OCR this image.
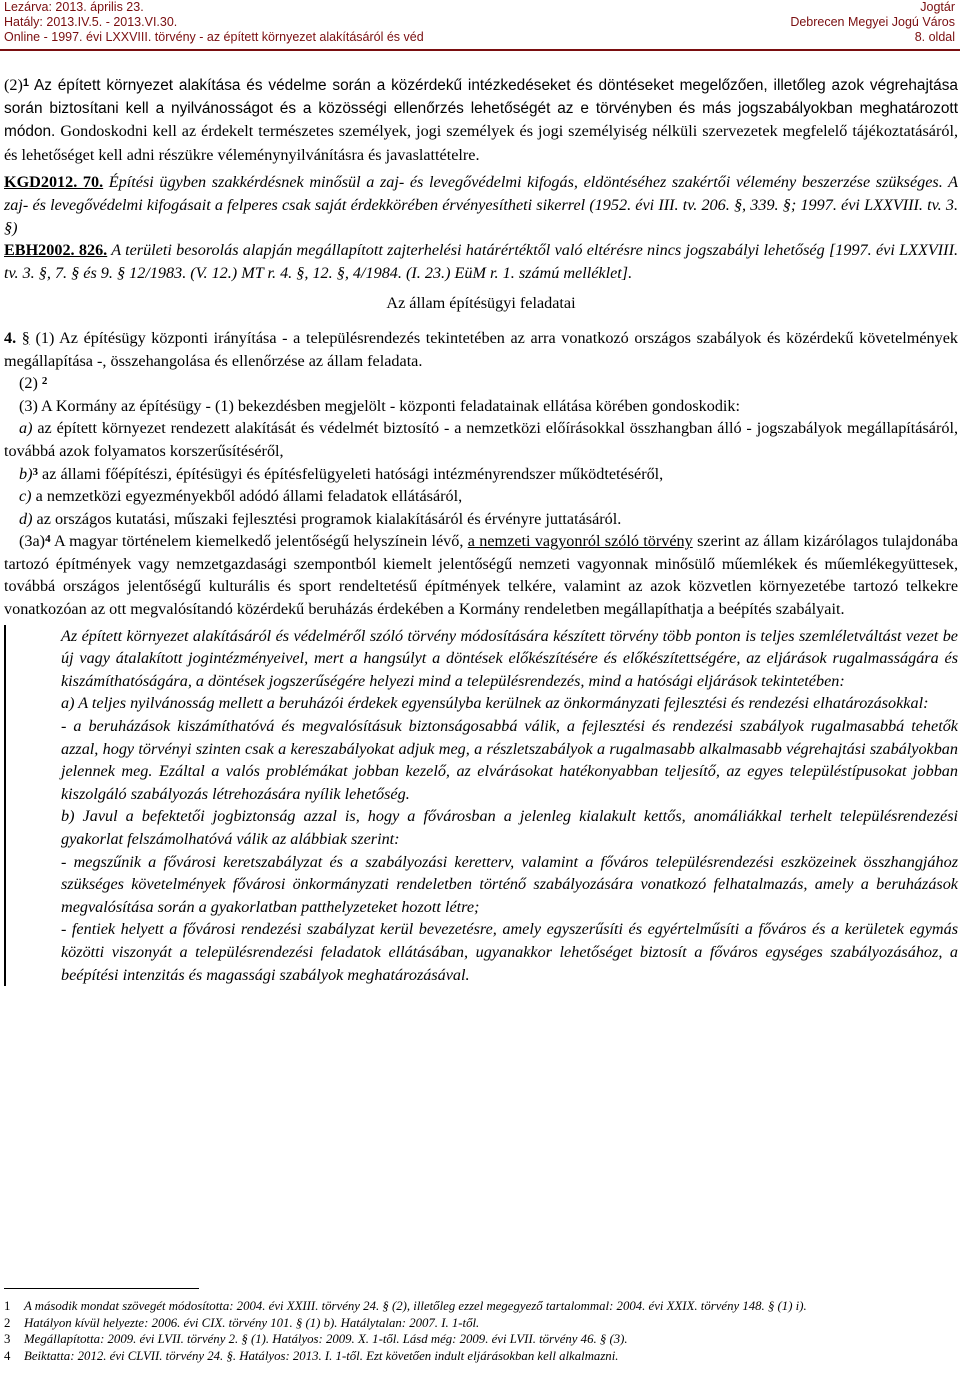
Lezárva: 2013. április 23.
Hatály: 2013.IV.5. - 2013.VI.30.
Online - 1997. évi LXXVIII. törvény - az épített környezet alakításáról és véd
Jogtár
Debrecen Megyei Jogú Város
8. oldal

$(2)^1$ Az épített környezet alakítása és védelme során a közérdekű intézkedéseket és döntéseket megelőzően, illetőleg azok végrehajtása során biztosítani kell a nyilvánosságot és a közösségi ellenőrzés lehetőségét az e törvényben és más jogszabályokban meghatározott módon. Gondoskodni kell az érdekelt természetes személyek, jogi személyek és jogi személyiség nélküli szervezetek megfelelő tájékoztatásáról, és lehetőséget kell adni részükre véleménynyilvánításra és javaslattételre.

KGD2012. 70. Építési ügyben szakkérdésnek minősül a zaj- és levegővédelmi kifogás, eldöntéséhez szakértői vélemény beszerzése szükséges. A zaj- és levegővédelmi kifogásait a felperes csak saját érdekkörében érvényesítheti sikerrel (1952. évi III. tv. 206. §, 339. §; 1997. évi LXXVIII. tv. 3. §)

EBH2002. 826. A területi besorolás alapján megállapított zajterhelési határértéktől való eltérésre nincs jogszabályi lehetőség [1997. évi LXXVIII. tv. 3. §, 7. § és 9. § 12/1983. (V. 12.) MT r. 4. §, 12. §, 4/1984. (I. 23.) EüM r. 1. számú melléklet].

Az állam építésügyi feladatai

4. § (1) Az építésügy központi irányítása - a településrendezés tekintetében az arra vonatkozó országos szabályok és közérdekű követelmények megállapítása -, összehangolása és ellenőrzése az állam feladata.

(2) $^2$

(3) A Kormány az építésügy - (1) bekezdésben megjelölt - központi feladatainak ellátása körében gondoskodik:

a) az épített környezet rendezett alakítását és védelmét biztosító - a nemzetközi előírásokkal összhangban álló - jogszabályok megállapításáról, továbbá azok folyamatos korszerűsítéséről,

b)$^3$ az állami főépítészi, építésügyi és építésfelügyeleti hatósági intézményrendszer működtetéséről,

c) a nemzetközi egyezményekből adódó állami feladatok ellátásáról,

d) az országos kutatási, műszaki fejlesztési programok kialakításáról és érvényre juttatásáról.

$(3a)^4$ A magyar történelem kiemelkedő jelentőségű helyszínein lévő, a nemzeti vagyonról szóló törvény szerint az állam kizárólagos tulajdonába tartozó építmények vagy nemzetgazdasági szempontból kiemelt jelentőségű nemzeti vagyonnak minősülő műemlékek és műemlékegyüttesek, továbbá országos jelentőségű kulturális és sport rendeltetésű építmények telkére, valamint az azok közvetlen környezetébe tartozó telkekre vonatkozóan az ott megvalósítandó közérdekű beruházás érdekében a Kormány rendeletben megállapíthatja a beépítés szabályait.

Az épített környezet alakításáról és védelméről szóló törvény módosítására készített törvény több ponton is teljes szemléletváltást vezet be új vagy átalakított jogintézményeivel, mert a hangsúlyt a döntések előkészítésére és előkészítettségére, az eljárások rugalmasságára és kiszámíthatóságára, a döntések jogszerűségére helyezi mind a településrendezés, mind a hatósági eljárások tekintetében:

a) A teljes nyilvánosság mellett a beruházói érdekek egyensúlyba kerülnek az önkormányzati fejlesztési és rendezési elhatározásokkal:

- a beruházások kiszámíthatóvá és megvalósításuk biztonságosabbá válik, a fejlesztési és rendezési szabályok rugalmasabbá tehetők azzal, hogy törvényi szinten csak a kereszabályokat adjuk meg, a részletszabályok a rugalmasabb alkalmasabb végrehajtási szabályokban jelennek meg. Ezáltal a valós problémákat jobban kezelő, az elvárásokat hatékonyabban teljesítő, az egyes településtípusokat jobban kiszolgáló szabályozás létrehozására nyílik lehetőség.

b) Javul a befektetői jogbiztonság azzal is, hogy a fővárosban a jelenleg kialakult kettős, anomáliákkal terhelt településrendezési gyakorlat felszámolhatóvá válik az alábbiak szerint:

- megszűnik a fővárosi keretszabályzat és a szabályozási keretterv, valamint a főváros településrendezési eszközeinek összhangjához szükséges követelmények fővárosi önkormányzati rendeletben történő szabályozására vonatkozó felhatalmazás, amely a beruházások megvalósítása során a gyakorlatban patthelyzeteket hozott létre;

- fentiek helyett a fővárosi rendezési szabályzat kerül bevezetésre, amely egyszerűsíti és egyértelműsíti a főváros és a kerületek egymás közötti viszonyát a településrendezési feladatok ellátásában, ugyanakkor lehetőséget biztosít a főváros egységes szabályozásához, a beépítési intenzitás és magassági szabályok meghatározásával.

1 A második mondat szövegét módosította: 2004. évi XXIII. törvény 24. § (2), illetőleg ezzel megegyező tartalommal: 2004. évi XXIX. törvény 148. § (1) i).

2 Hatályon kívül helyezte: 2006. évi CIX. törvény 101. § (1) b). Hatálytalan: 2007. I. 1-től.

3 Megállapította: 2009. évi LVII. törvény 2. § (1). Hatályos: 2009. X. 1-től. Lásd még: 2009. évi LVII. törvény 46. § (3).

4 Beiktatta: 2012. évi CLVII. törvény 24. §. Hatályos: 2013. I. 1-től. Ezt követően indult eljárásokban kell alkalmazni.
